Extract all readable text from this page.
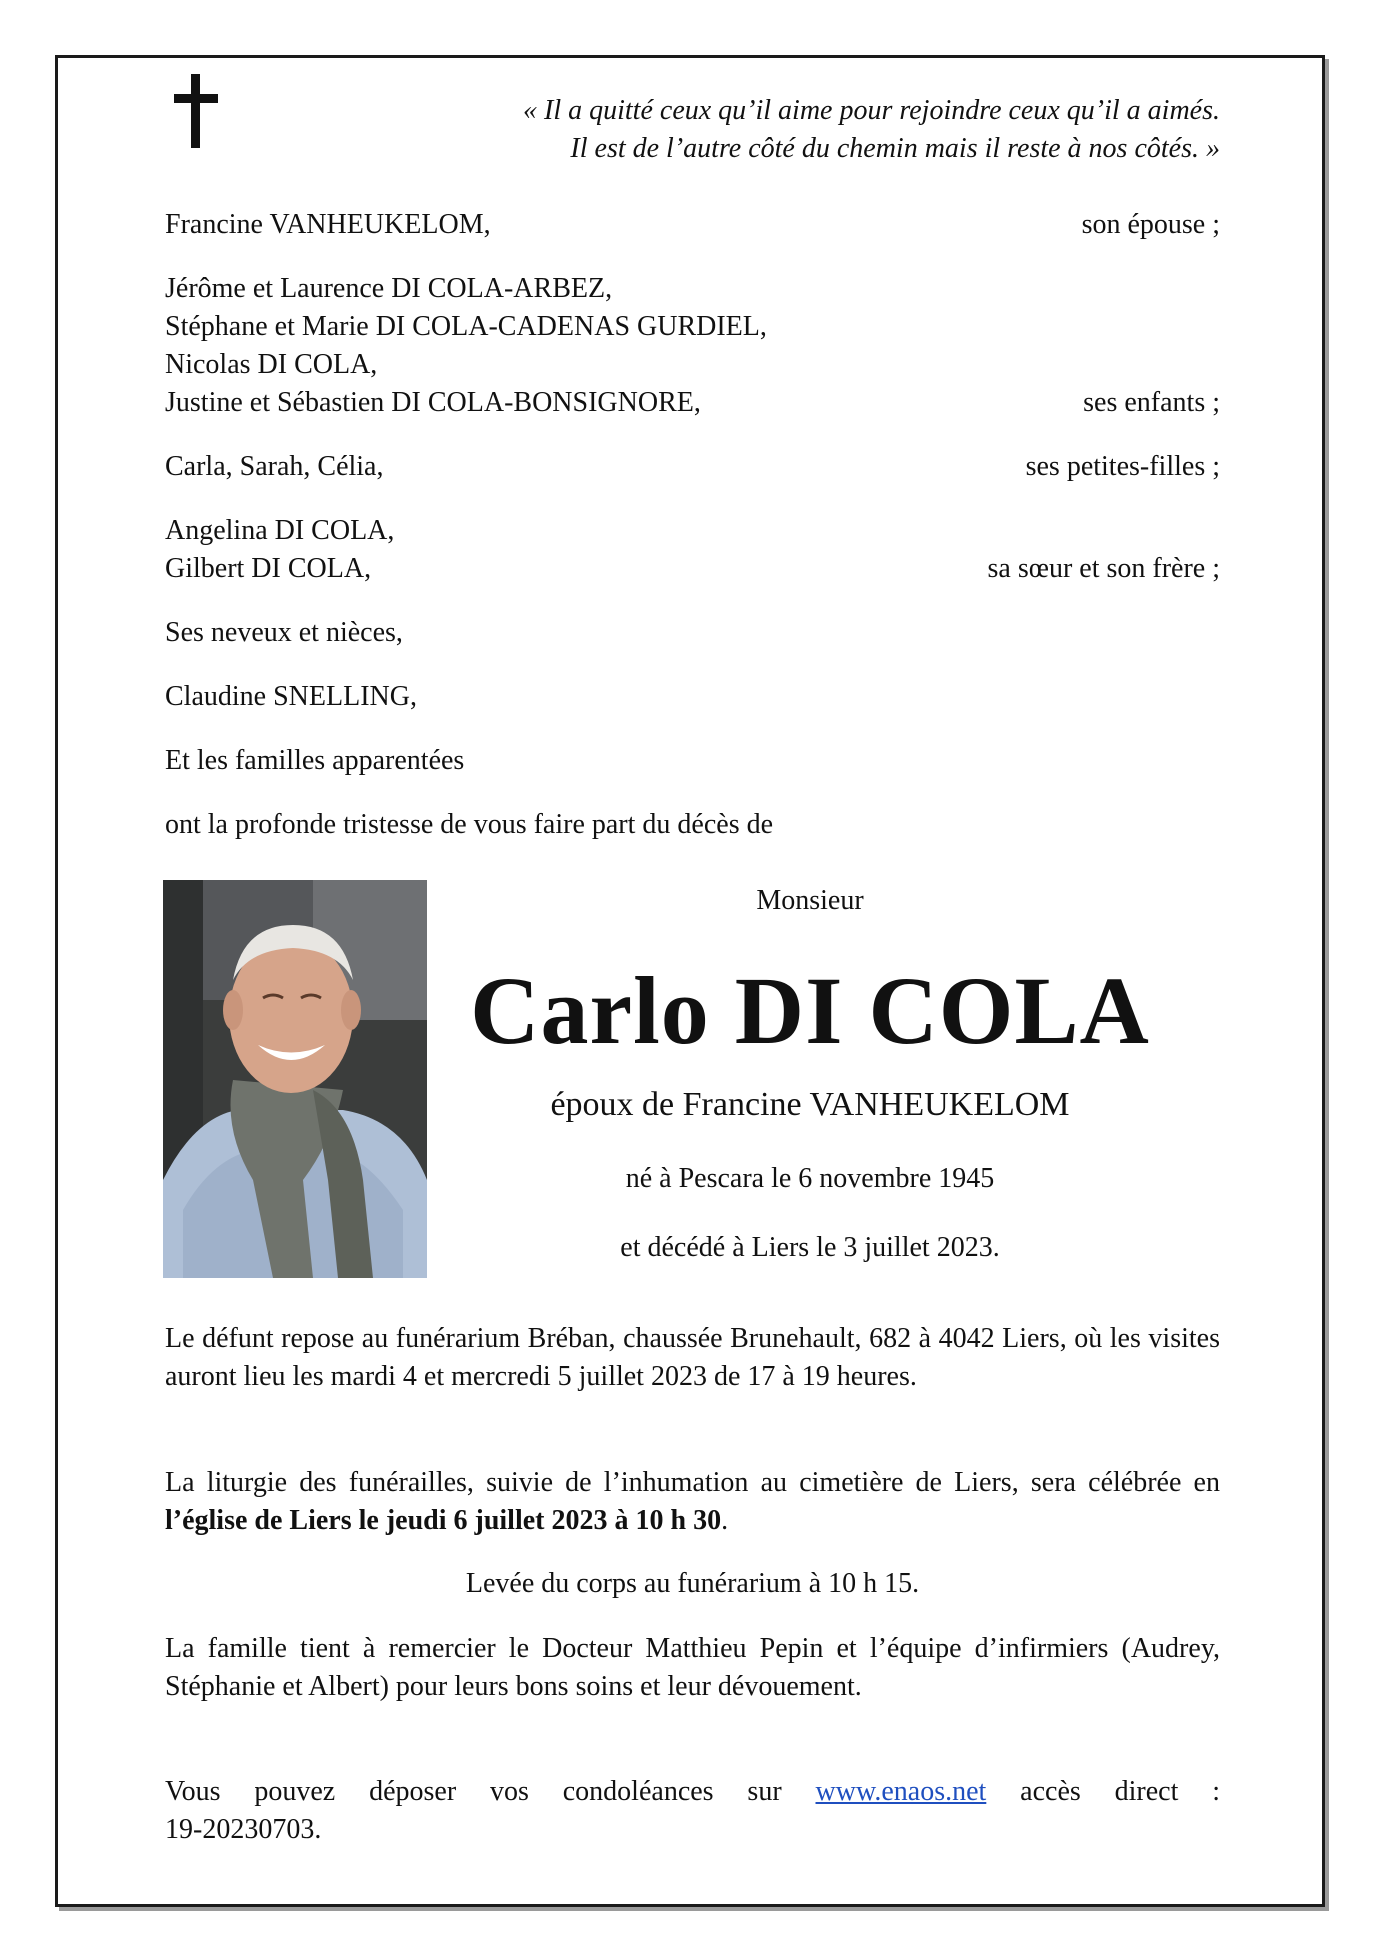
« Il a quitté ceux qu’il aime pour rejoindre ceux qu’il a aimés.
Il est de l’autre côté du chemin mais il reste à nos côtés. »
Francine VANHEUKELOM,	son épouse ;
Jérôme et Laurence DI COLA-ARBEZ,
Stéphane et Marie DI COLA-CADENAS GURDIEL,
Nicolas DI COLA,
Justine et Sébastien DI COLA-BONSIGNORE,	ses enfants ;
Carla, Sarah, Célia,	ses petites-filles ;
Angelina DI COLA,
Gilbert DI COLA,	sa sœur et son frère ;
Ses neveux et nièces,
Claudine SNELLING,
Et les familles apparentées
ont la profonde tristesse de vous faire part du décès de
Monsieur
Carlo DI COLA
époux de Francine VANHEUKELOM
né à Pescara le 6 novembre 1945
et décédé à Liers le 3 juillet 2023.
Le défunt repose au funérarium Bréban, chaussée Brunehault, 682 à 4042 Liers, où les visites auront lieu les mardi 4 et mercredi 5 juillet 2023 de 17 à 19 heures.
La liturgie des funérailles, suivie de l’inhumation au cimetière de Liers, sera célébrée en l’église de Liers le jeudi 6 juillet 2023 à 10 h 30.
Levée du corps au funérarium à 10 h 15.
La famille tient à remercier le Docteur Matthieu Pepin et l’équipe d’infirmiers (Audrey, Stéphanie et Albert) pour leurs bons soins et leur dévouement.
Vous pouvez déposer vos condoléances sur www.enaos.net accès direct :
19-20230703.
